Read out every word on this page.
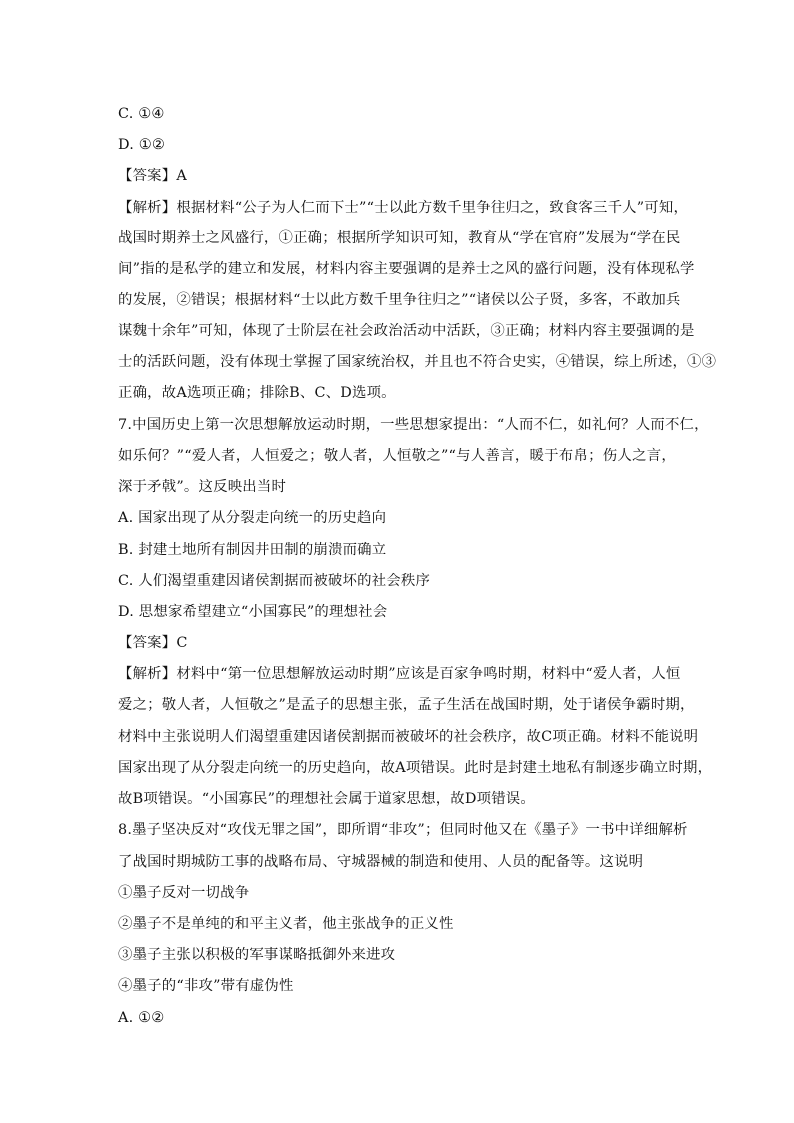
C. ①④
D. ①②
【答案】A
【解析】根据材料“公子为人仁而下士”“士以此方数千里争往归之，致食客三千人”可知，
战国时期养士之风盛行，①正确；根据所学知识可知，教育从“学在官府”发展为“学在民
间”指的是私学的建立和发展，材料内容主要强调的是养士之风的盛行问题，没有体现私学
的发展，②错误；根据材料“士以此方数千里争往归之”“诸侯以公子贤，多客，不敢加兵
谋魏十余年”可知，体现了士阶层在社会政治活动中活跃，③正确；材料内容主要强调的是
士的活跃问题，没有体现士掌握了国家统治权，并且也不符合史实，④错误，综上所述，①③
正确，故A选项正确；排除B、C、D选项。
7.中国历史上第一次思想解放运动时期，一些思想家提出：“人而不仁，如礼何？人而不仁，
如乐何？”“爱人者，人恒爱之；敬人者，人恒敬之”“与人善言，暖于布帛；伤人之言，
深于矛戟”。这反映出当时
A. 国家出现了从分裂走向统一的历史趋向
B. 封建土地所有制因井田制的崩溃而确立
C. 人们渴望重建因诸侯割据而被破坏的社会秩序
D. 思想家希望建立“小国寡民”的理想社会
【答案】C
【解析】材料中“第一位思想解放运动时期”应该是百家争鸣时期，材料中“爱人者，人恒
爱之；敬人者，人恒敬之”是孟子的思想主张，孟子生活在战国时期，处于诸侯争霸时期，
材料中主张说明人们渴望重建因诸侯割据而被破坏的社会秩序，故C项正确。材料不能说明
国家出现了从分裂走向统一的历史趋向，故A项错误。此时是封建土地私有制逐步确立时期，
故B项错误。“小国寡民”的理想社会属于道家思想，故D项错误。
8.墨子坚决反对“攻伐无罪之国”，即所谓“非攻”；但同时他又在《墨子》一书中详细解析
了战国时期城防工事的战略布局、守城器械的制造和使用、人员的配备等。这说明
①墨子反对一切战争
②墨子不是单纯的和平主义者，他主张战争的正义性
③墨子主张以积极的军事谋略抵御外来进攻
④墨子的“非攻”带有虚伪性
A. ①②
